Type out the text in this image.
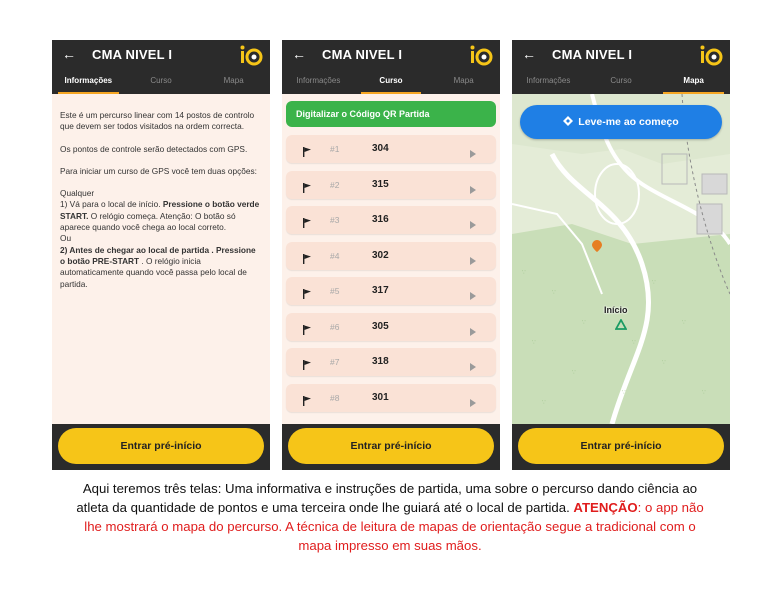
← CMA NIVEL I
Informações	Curso	Mapa

Este é um percurso linear com 14 postos de controlo que devem ser todos visitados na ordem correcta.

Os pontos de controle serão detectados com GPS.

Para iniciar um curso de GPS você tem duas opções:

Qualquer

1) Vá para o local de início. Pressione o botão verde START. O relógio começa. Atenção: O botão só aparece quando você chega ao local correto.

Ou

2) Antes de chegar ao local de partida . Pressione o botão PRE-START . O relógio inicia automaticamente quando você passa pelo local de partida.

Entrar pré-início
← CMA NIVEL I
Informações	Curso	Mapa
Digitalizar o Código QR Partida
#1	304
#2	315
#3	316
#4	302
#5	317
#6	305
#7	318
#8	301
Entrar pré-início
← CMA NIVEL I
Informações	Curso	Mapa
∵
∵
∵
∵
∵
∵
∵
∵
∵	∵
∵
∵
Início
Leve-me ao começo
Entrar pré-início
Aqui teremos três telas: Uma informativa e instruções de partida, uma sobre o percurso dando ciência ao atleta da quantidade de pontos e uma terceira onde lhe guiará até o local de partida. ATENÇÃO: o app não lhe mostrará o mapa do percurso. A técnica de leitura de mapas de orientação segue a tradicional com o mapa impresso em suas mãos.
